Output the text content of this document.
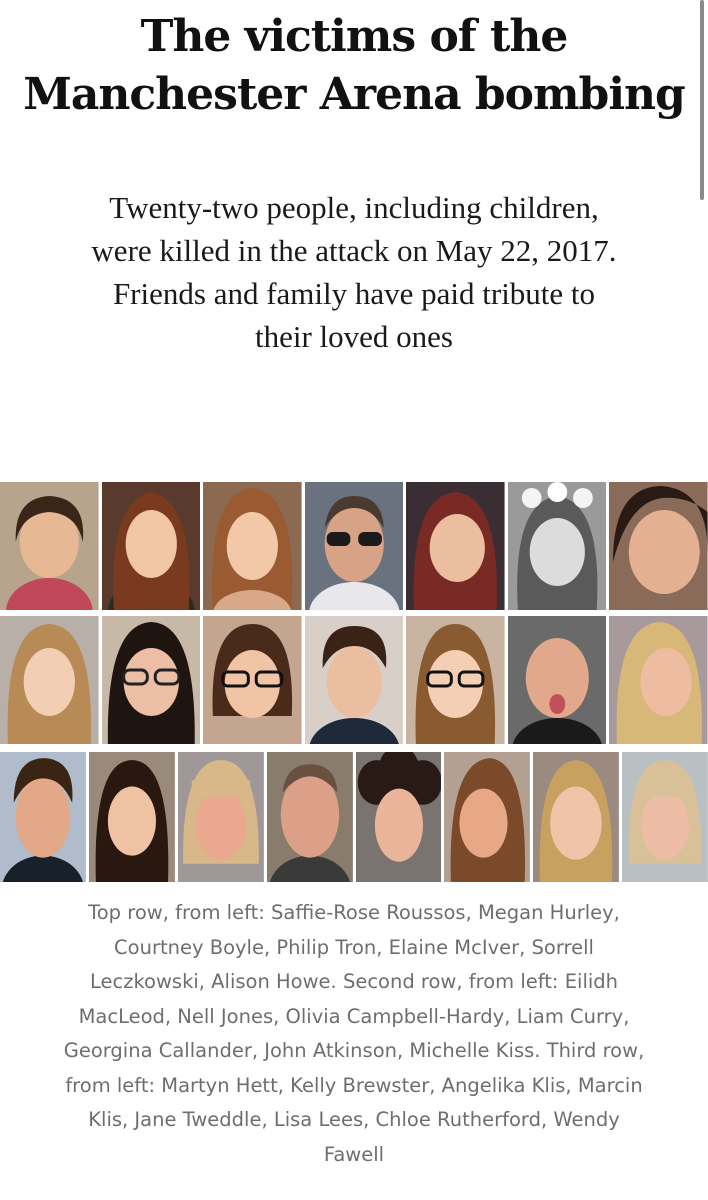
The victims of the
Manchester Arena bombing

Twenty-two people, including children,
were killed in the attack on May 22, 2017.
Friends and family have paid tribute to
their loved ones

Top row, from left: Saffie-Rose Roussos, Megan Hurley,
Courtney Boyle, Philip Tron, Elaine McIver, Sorrell
Leczkowski, Alison Howe. Second row, from left: Eilidh
MacLeod, Nell Jones, Olivia Campbell-Hardy, Liam Curry,
Georgina Callander, John Atkinson, Michelle Kiss. Third row,
from left: Martyn Hett, Kelly Brewster, Angelika Klis, Marcin
Klis, Jane Tweddle, Lisa Lees, Chloe Rutherford, Wendy
Fawell
